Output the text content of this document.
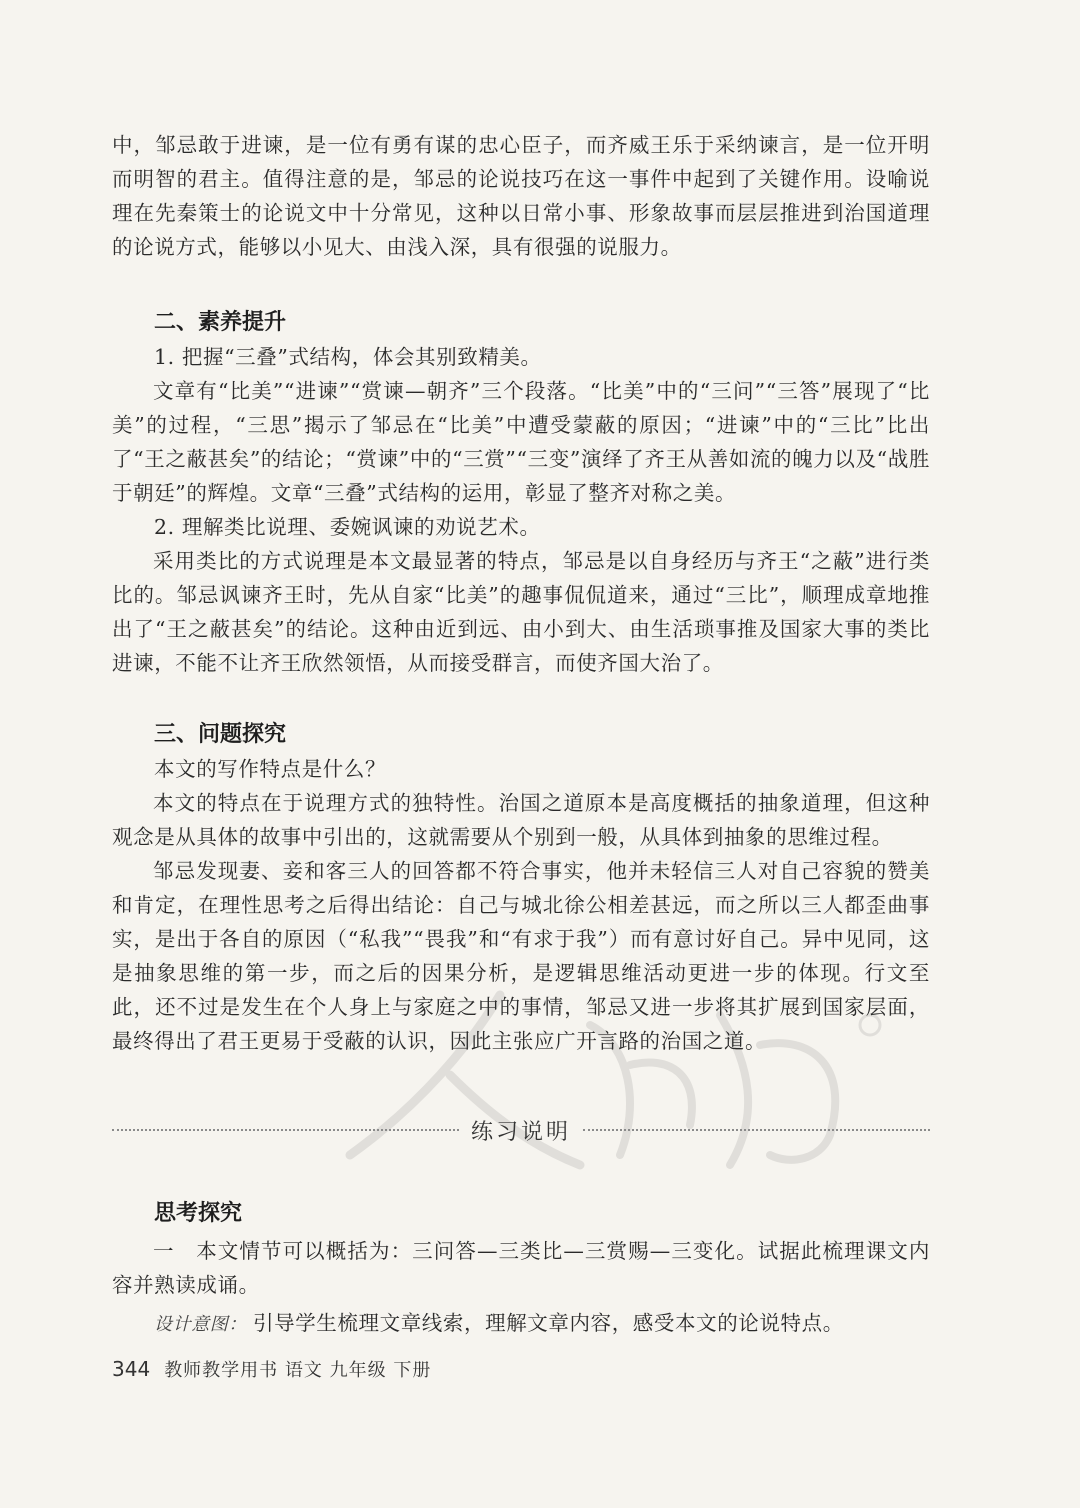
中，邹忌敢于进谏，是一位有勇有谋的忠心臣子，而齐威王乐于采纳谏言，是一位开明而明智的君主。值得注意的是，邹忌的论说技巧在这一事件中起到了关键作用。设喻说理在先秦策士的论说文中十分常见，这种以日常小事、形象故事而层层推进到治国道理的论说方式，能够以小见大、由浅入深，具有很强的说服力。

二、素养提升

1. 把握“三叠”式结构，体会其别致精美。

文章有“比美”“进谏”“赏谏—朝齐”三个段落。“比美”中的“三问”“三答”展现了“比美”的过程，“三思”揭示了邹忌在“比美”中遭受蒙蔽的原因；“进谏”中的“三比”比出了“王之蔽甚矣”的结论；“赏谏”中的“三赏”“三变”演绎了齐王从善如流的魄力以及“战胜于朝廷”的辉煌。文章“三叠”式结构的运用，彰显了整齐对称之美。

2. 理解类比说理、委婉讽谏的劝说艺术。

采用类比的方式说理是本文最显著的特点，邹忌是以自身经历与齐王“之蔽”进行类比的。邹忌讽谏齐王时，先从自家“比美”的趣事侃侃道来，通过“三比”，顺理成章地推出了“王之蔽甚矣”的结论。这种由近到远、由小到大、由生活琐事推及国家大事的类比进谏，不能不让齐王欣然领悟，从而接受群言，而使齐国大治了。

三、问题探究

本文的写作特点是什么？

本文的特点在于说理方式的独特性。治国之道原本是高度概括的抽象道理，但这种观念是从具体的故事中引出的，这就需要从个别到一般，从具体到抽象的思维过程。

邹忌发现妻、妾和客三人的回答都不符合事实，他并未轻信三人对自己容貌的赞美和肯定，在理性思考之后得出结论：自己与城北徐公相差甚远，而之所以三人都歪曲事实，是出于各自的原因（“私我”“畏我”和“有求于我”）而有意讨好自己。异中见同，这是抽象思维的第一步，而之后的因果分析，是逻辑思维活动更进一步的体现。行文至此，还不过是发生在个人身上与家庭之中的事情，邹忌又进一步将其扩展到国家层面，最终得出了君王更易于受蔽的认识，因此主张应广开言路的治国之道。

练习说明
思考探究

一　本文情节可以概括为：三问答—三类比—三赏赐—三变化。试据此梳理课文内容并熟读成诵。

设计意图： 引导学生梳理文章线索，理解文章内容，感受本文的论说特点。

344 教师教学用书 语文 九年级 下册
